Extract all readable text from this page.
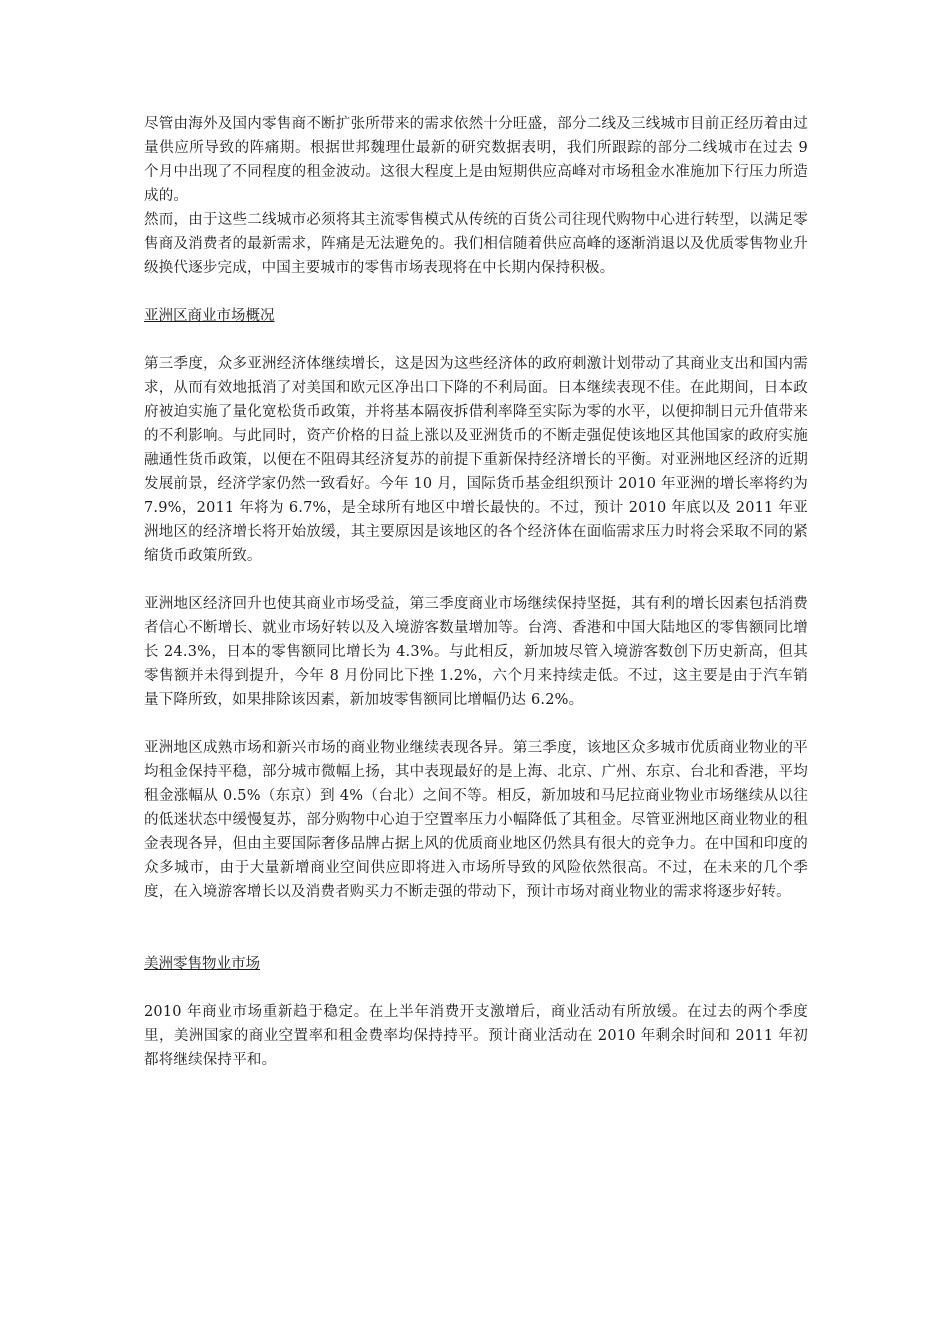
尽管由海外及国内零售商不断扩张所带来的需求依然十分旺盛，部分二线及三线城市目前正经历着由过量供应所导致的阵痛期。根据世邦魏理仕最新的研究数据表明，我们所跟踪的部分二线城市在过去 9 个月中出现了不同程度的租金波动。这很大程度上是由短期供应高峰对市场租金水准施加下行压力所造成的。

然而，由于这些二线城市必须将其主流零售模式从传统的百货公司往现代购物中心进行转型，以满足零售商及消费者的最新需求，阵痛是无法避免的。我们相信随着供应高峰的逐渐消退以及优质零售物业升级换代逐步完成，中国主要城市的零售市场表现将在中长期内保持积极。

亚洲区商业市场概况

第三季度，众多亚洲经济体继续增长，这是因为这些经济体的政府刺激计划带动了其商业支出和国内需求，从而有效地抵消了对美国和欧元区净出口下降的不利局面。日本继续表现不佳。在此期间，日本政府被迫实施了量化宽松货币政策，并将基本隔夜拆借利率降至实际为零的水平，以便抑制日元升值带来的不利影响。与此同时，资产价格的日益上涨以及亚洲货币的不断走强促使该地区其他国家的政府实施融通性货币政策，以便在不阻碍其经济复苏的前提下重新保持经济增长的平衡。对亚洲地区经济的近期发展前景，经济学家仍然一致看好。今年 10 月，国际货币基金组织预计 2010 年亚洲的增长率将约为 7.9%，2011 年将为 6.7%，是全球所有地区中增长最快的。不过，预计 2010 年底以及 2011 年亚洲地区的经济增长将开始放缓，其主要原因是该地区的各个经济体在面临需求压力时将会采取不同的紧缩货币政策所致。

亚洲地区经济回升也使其商业市场受益，第三季度商业市场继续保持坚挺，其有利的增长因素包括消费者信心不断增长、就业市场好转以及入境游客数量增加等。台湾、香港和中国大陆地区的零售额同比增长 24.3%，日本的零售额同比增长为 4.3%。与此相反，新加坡尽管入境游客数创下历史新高，但其零售额并未得到提升，今年 8 月份同比下挫 1.2%，六个月来持续走低。不过，这主要是由于汽车销量下降所致，如果排除该因素，新加坡零售额同比增幅仍达 6.2%。

亚洲地区成熟市场和新兴市场的商业物业继续表现各异。第三季度，该地区众多城市优质商业物业的平均租金保持平稳，部分城市微幅上扬，其中表现最好的是上海、北京、广州、东京、台北和香港，平均租金涨幅从 0.5%（东京）到 4%（台北）之间不等。相反，新加坡和马尼拉商业物业市场继续从以往的低迷状态中缓慢复苏，部分购物中心迫于空置率压力小幅降低了其租金。尽管亚洲地区商业物业的租金表现各异，但由主要国际奢侈品牌占据上风的优质商业地区仍然具有很大的竞争力。在中国和印度的众多城市，由于大量新增商业空间供应即将进入市场所导致的风险依然很高。不过，在未来的几个季度，在入境游客增长以及消费者购买力不断走强的带动下，预计市场对商业物业的需求将逐步好转。

美洲零售物业市场

2010 年商业市场重新趋于稳定。在上半年消费开支激增后，商业活动有所放缓。在过去的两个季度里，美洲国家的商业空置率和租金费率均保持持平。预计商业活动在 2010 年剩余时间和 2011 年初都将继续保持平和。
